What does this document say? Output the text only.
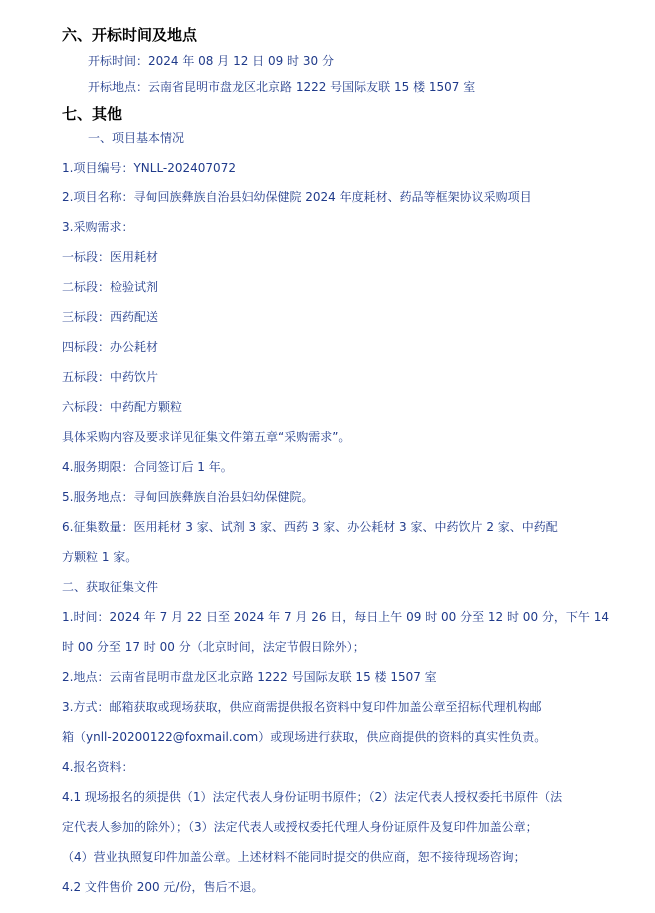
六、开标时间及地点
开标时间：2024 年 08 月 12 日 09 时 30 分
开标地点：云南省昆明市盘龙区北京路 1222 号国际友联 15 楼 1507 室
七、其他
一、项目基本情况
1.项目编号：YNLL-202407072
2.项目名称：寻甸回族彝族自治县妇幼保健院 2024 年度耗材、药品等框架协议采购项目
3.采购需求：
一标段：医用耗材
二标段：检验试剂
三标段：西药配送
四标段：办公耗材
五标段：中药饮片
六标段：中药配方颗粒
具体采购内容及要求详见征集文件第五章“采购需求”。
4.服务期限：合同签订后 1 年。
5.服务地点：寻甸回族彝族自治县妇幼保健院。
6.征集数量：医用耗材 3 家、试剂 3 家、西药 3 家、办公耗材 3 家、中药饮片 2 家、中药配
方颗粒 1 家。
二、获取征集文件
1.时间：2024 年 7 月 22 日至 2024 年 7 月 26 日，每日上午 09 时 00 分至 12 时 00 分，下午 14
时 00 分至 17 时 00 分（北京时间，法定节假日除外）；
2.地点：云南省昆明市盘龙区北京路 1222 号国际友联 15 楼 1507 室
3.方式：邮箱获取或现场获取，供应商需提供报名资料中复印件加盖公章至招标代理机构邮
箱（ynll-20200122@foxmail.com）或现场进行获取，供应商提供的资料的真实性负责。
4.报名资料：
4.1 现场报名的须提供（1）法定代表人身份证明书原件；（2）法定代表人授权委托书原件（法
定代表人参加的除外）；（3）法定代表人或授权委托代理人身份证原件及复印件加盖公章；
（4）营业执照复印件加盖公章。上述材料不能同时提交的供应商，恕不接待现场咨询；
4.2 文件售价 200 元/份，售后不退。
